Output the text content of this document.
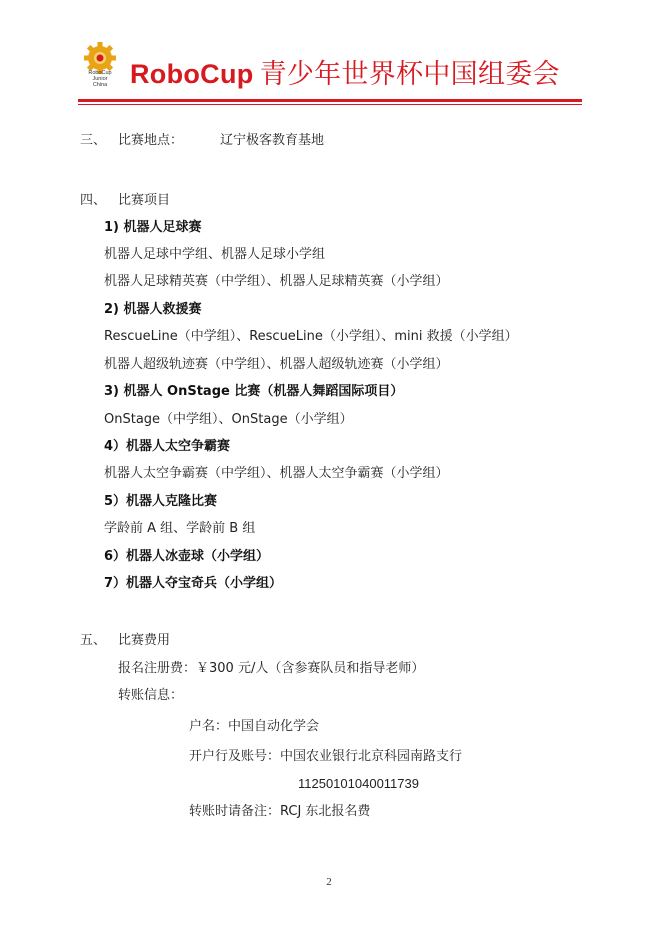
RoboCup
Junior
China RoboCup 青少年世界杯中国组委会
三、 比赛地点：	辽宁极客教育基地
四、 比赛项目
1) 机器人足球赛
机器人足球中学组、机器人足球小学组
机器人足球精英赛（中学组）、机器人足球精英赛（小学组）
2) 机器人救援赛
RescueLine（中学组）、RescueLine（小学组）、mini 救援（小学组）
机器人超级轨迹赛（中学组）、机器人超级轨迹赛（小学组）
3) 机器人 OnStage 比赛（机器人舞蹈国际项目）
OnStage（中学组）、OnStage（小学组）
4）机器人太空争霸赛
机器人太空争霸赛（中学组）、机器人太空争霸赛（小学组）
5）机器人克隆比赛
学龄前 A 组、学龄前 B 组
6）机器人冰壶球（小学组）
7）机器人夺宝奇兵（小学组）
五、 比赛费用
报名注册费：￥300 元/人（含参赛队员和指导老师）
转账信息：
户名：中国自动化学会
开户行及账号：中国农业银行北京科园南路支行
11250101040011739
转账时请备注：RCJ 东北报名费
2
